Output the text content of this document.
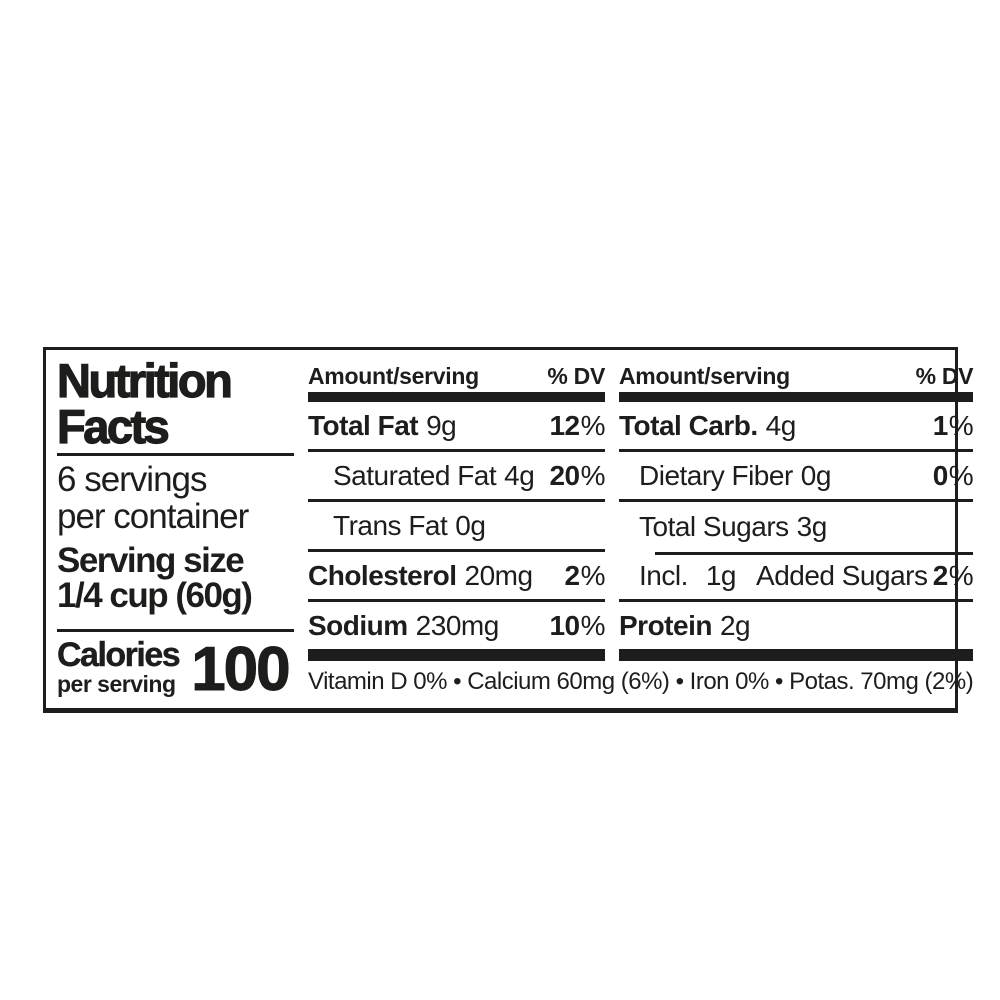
Nutrition
Facts
6 servings
per container
Serving size
1/4 cup (60g)
Calories
per serving 100
Amount/serving	% DV
Total Fat 9g	12 %
Saturated Fat 4g 20 %
Trans Fat 0g
Cholesterol 20mg 2 %
Sodium 230mg 10 %
Amount/serving	% DV
Total Carb. 4g	1 %
Dietary Fiber 0g	0 %
Total Sugars 3g
Incl. 1g Added Sugars 2 %
Protein 2g
Vitamin D 0% • Calcium 60mg (6%) • Iron 0% • Potas. 70mg (2%)
